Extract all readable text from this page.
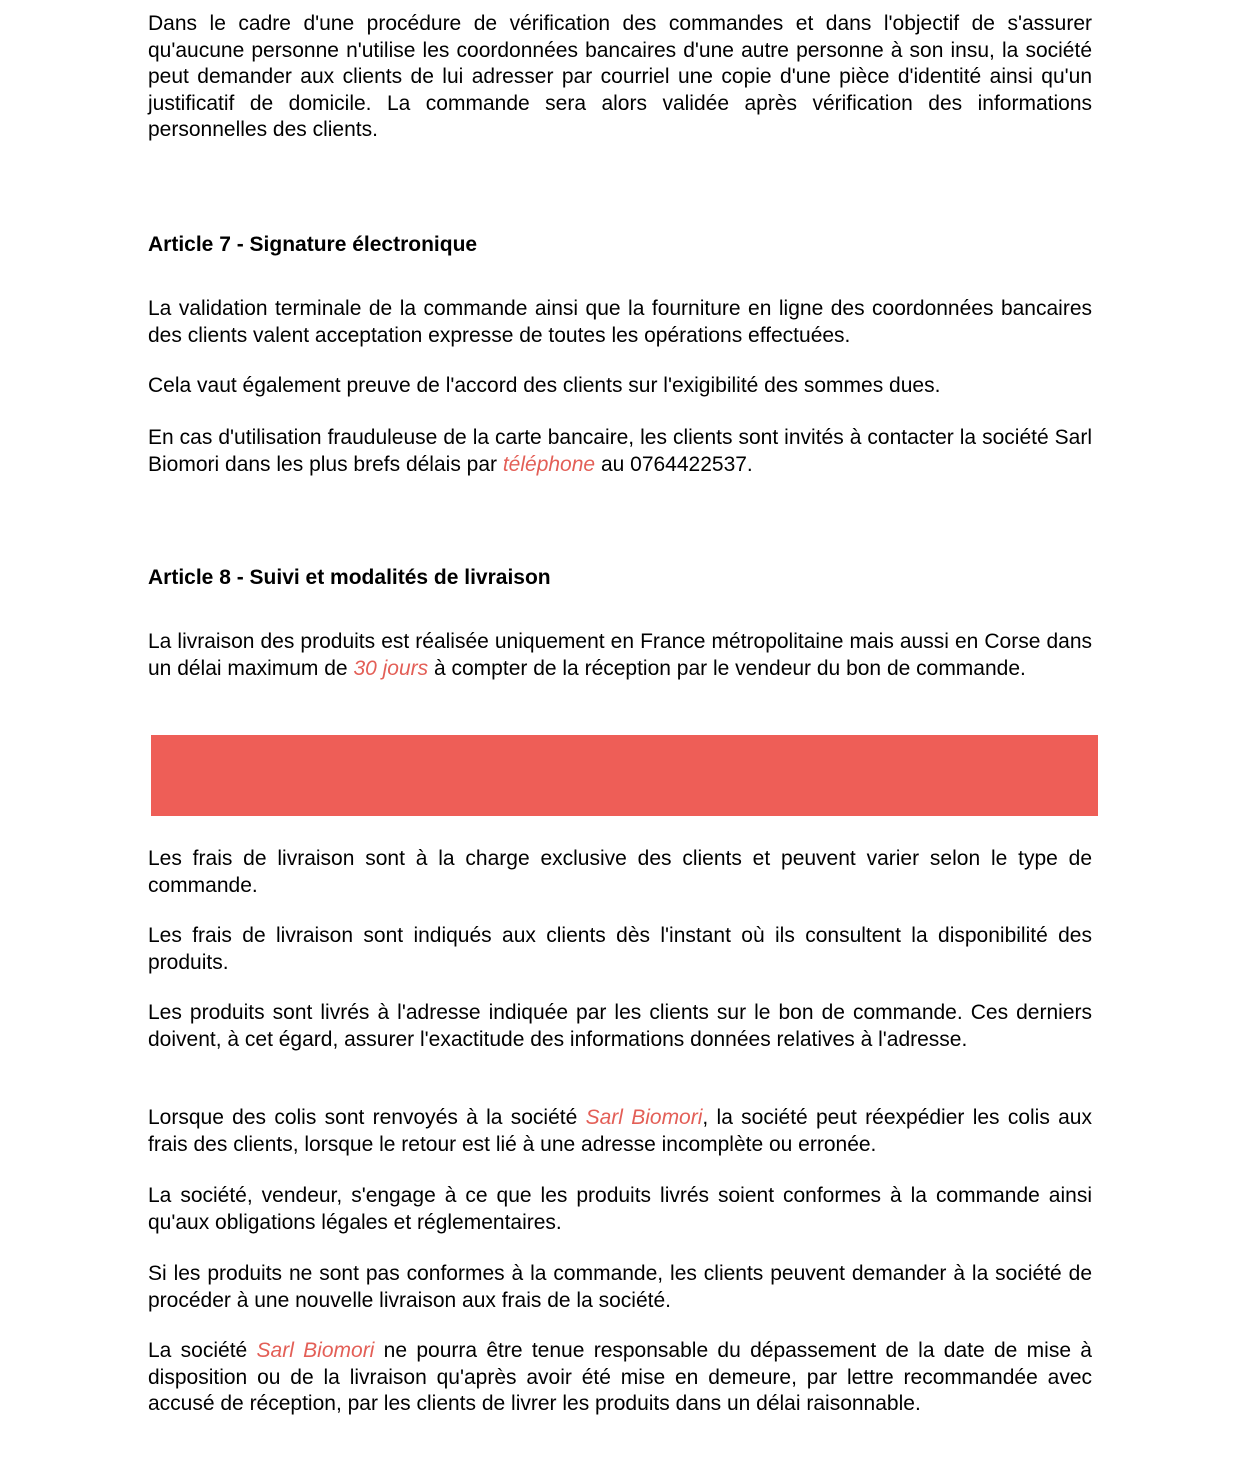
Dans le cadre d'une procédure de vérification des commandes et dans l'objectif de s'assurer qu'aucune personne n'utilise les coordonnées bancaires d'une autre personne à son insu, la société peut demander aux clients de lui adresser par courriel une copie d'une pièce d'identité ainsi qu'un justificatif de domicile. La commande sera alors validée après vérification des informations personnelles des clients.

Article 7 - Signature électronique

La validation terminale de la commande ainsi que la fourniture en ligne des coordonnées bancaires des clients valent acceptation expresse de toutes les opérations effectuées.

Cela vaut également preuve de l'accord des clients sur l'exigibilité des sommes dues.

En cas d'utilisation frauduleuse de la carte bancaire, les clients sont invités à contacter la société Sarl Biomori dans les plus brefs délais par téléphone au 0764422537.

Article 8 - Suivi et modalités de livraison

La livraison des produits est réalisée uniquement en France métropolitaine mais aussi en Corse dans un délai maximum de 30 jours à compter de la réception par le vendeur du bon de commande.

Les frais de livraison sont à la charge exclusive des clients et peuvent varier selon le type de commande.

Les frais de livraison sont indiqués aux clients dès l'instant où ils consultent la disponibilité des produits.

Les produits sont livrés à l'adresse indiquée par les clients sur le bon de commande. Ces derniers doivent, à cet égard, assurer l'exactitude des informations données relatives à l'adresse.

Lorsque des colis sont renvoyés à la société Sarl Biomori, la société peut réexpédier les colis aux frais des clients, lorsque le retour est lié à une adresse incomplète ou erronée.

La société, vendeur, s'engage à ce que les produits livrés soient conformes à la commande ainsi qu'aux obligations légales et réglementaires.

Si les produits ne sont pas conformes à la commande, les clients peuvent demander à la société de procéder à une nouvelle livraison aux frais de la société.

La société Sarl Biomori ne pourra être tenue responsable du dépassement de la date de mise à disposition ou de la livraison qu'après avoir été mise en demeure, par lettre recommandée avec accusé de réception, par les clients de livrer les produits dans un délai raisonnable.
